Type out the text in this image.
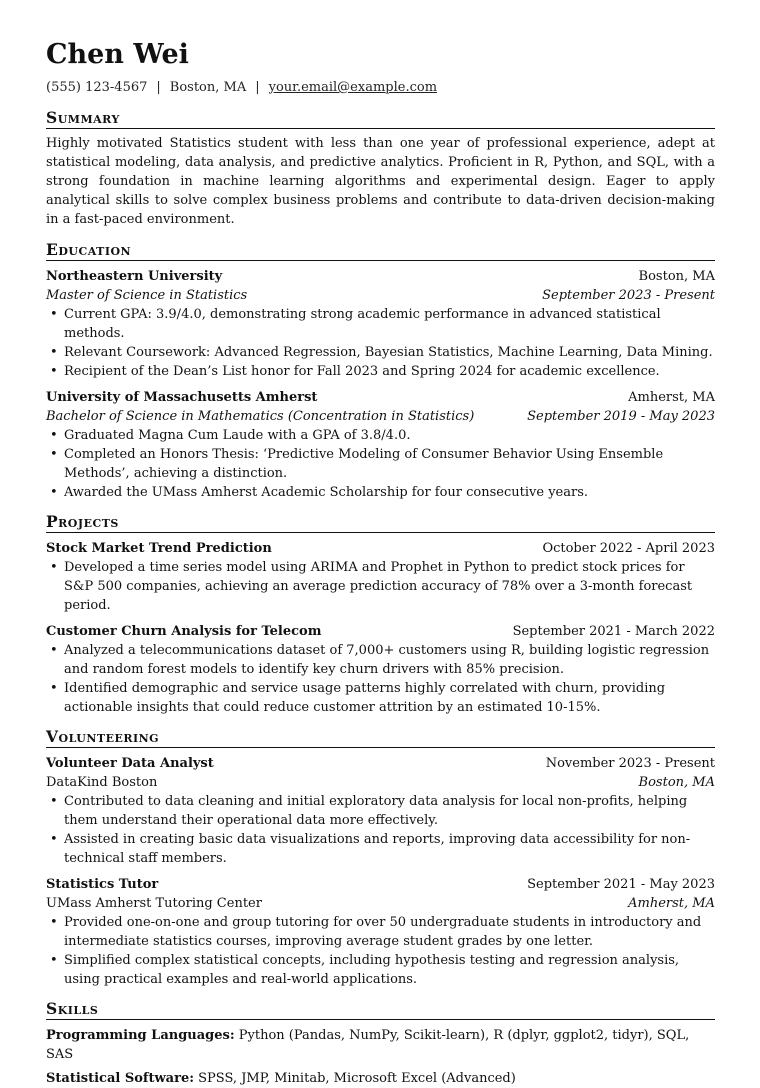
Chen Wei
(555) 123-4567 | Boston, MA | your.email@example.com
Summary
Highly motivated Statistics student with less than one year of professional experience, adept at statistical modeling, data analysis, and predictive analytics. Proficient in R, Python, and SQL, with a strong foundation in machine learning algorithms and experimental design. Eager to apply analytical skills to solve complex business problems and contribute to data-driven decision-making in a fast-paced environment.
Education
Northeastern University	Boston, MA
Master of Science in Statistics	September 2023 - Present
• Current GPA: 3.9/4.0, demonstrating strong academic performance in advanced statistical methods.
• Relevant Coursework: Advanced Regression, Bayesian Statistics, Machine Learning, Data Mining.
• Recipient of the Dean’s List honor for Fall 2023 and Spring 2024 for academic excellence.
University of Massachusetts Amherst	Amherst, MA
Bachelor of Science in Mathematics (Concentration in Statistics)	September 2019 - May 2023
• Graduated Magna Cum Laude with a GPA of 3.8/4.0.
• Completed an Honors Thesis: ‘Predictive Modeling of Consumer Behavior Using Ensemble Methods’, achieving a distinction.
• Awarded the UMass Amherst Academic Scholarship for four consecutive years.
Projects
Stock Market Trend Prediction	October 2022 - April 2023
• Developed a time series model using ARIMA and Prophet in Python to predict stock prices for S&P 500 companies, achieving an average prediction accuracy of 78% over a 3-month forecast period.
Customer Churn Analysis for Telecom	September 2021 - March 2022
• Analyzed a telecommunications dataset of 7,000+ customers using R, building logistic regression and random forest models to identify key churn drivers with 85% precision.
• Identified demographic and service usage patterns highly correlated with churn, providing actionable insights that could reduce customer attrition by an estimated 10-15%.
Volunteering
Volunteer Data Analyst	November 2023 - Present
DataKind Boston	Boston, MA
• Contributed to data cleaning and initial exploratory data analysis for local non-profits, helping them understand their operational data more effectively.
• Assisted in creating basic data visualizations and reports, improving data accessibility for non-technical staff members.
Statistics Tutor	September 2021 - May 2023
UMass Amherst Tutoring Center	Amherst, MA
• Provided one-on-one and group tutoring for over 50 undergraduate students in introductory and intermediate statistics courses, improving average student grades by one letter.
• Simplified complex statistical concepts, including hypothesis testing and regression analysis, using practical examples and real-world applications.
Skills
Programming Languages: Python (Pandas, NumPy, Scikit-learn), R (dplyr, ggplot2, tidyr), SQL, SAS
Statistical Software: SPSS, JMP, Minitab, Microsoft Excel (Advanced)
